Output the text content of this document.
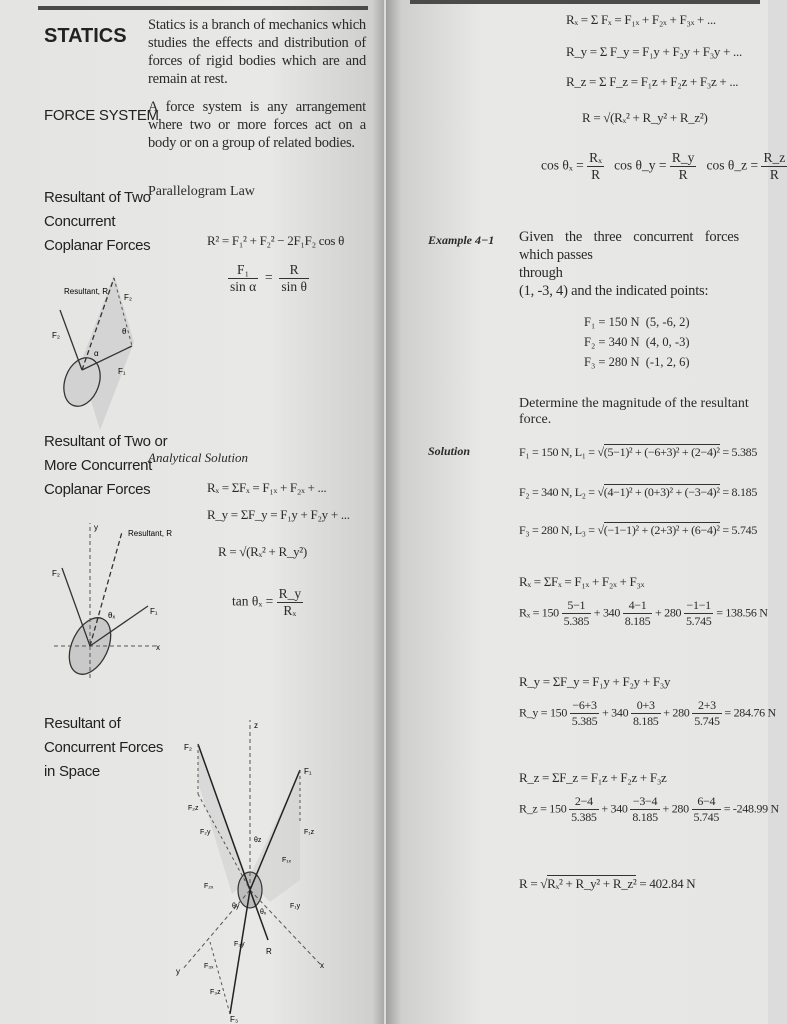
STATICS Statics is a branch of mechanics which studies the effects and distribution of forces of rigid bodies which are and remain at rest.
FORCE SYSTEM
A force system is any arrangement where two or more forces act on a body or on a group of related bodies.
Resultant of Two
Concurrent
Coplanar Forces
Parallelogram Law
R² = F₁² + F₂² − 2F₁F₂ cos θ
$\frac{\text{F₁}}{\text{sin α}} = \frac{R}{\text{sin θ}}$
Resultant, R
F₂
F₂
F₁
α
θ
Resultant of Two or
More Concurrent
Coplanar Forces
Analytical Solution
Rₓ = ΣFₓ = F₁ₓ + F₂ₓ + ...
R_y = ΣF_y = F₁y + F₂y + ...
R = √(Rₓ² + R_y²)
$\tan \theta_x = \frac{R\_y}{\text{Rₓ}}$
y
Resultant, R
F₂
F₁
θₓ
x
Resultant of
Concurrent Forces
in Space
z
F₂
F₁
F₃
R
y
x
F₂z
F₂y
F₂ₓ
F₁z
F₁ₓ
F₁y
F₃ₓ
F₃z
F₃y
θz
θy
θₓ
Rₓ = Σ Fₓ = F₁ₓ + F₂ₓ + F₃ₓ + ...
R_y = Σ F_y = F₁y + F₂y + F₃y + ...
R_z = Σ F_z = F₁z + F₂z + F₃z + ...
R = √(Rₓ² + R_y² + R_z²)
$\cos \theta_x = \frac{\text{Rₓ}}{R}$ cos θ_y = $\frac{R\_y}{R}$ cos θ_z = $\frac{R\_z}{R}$
Example 4−1 Given the three concurrent forces which passes
through
(1, -3, 4) and the indicated points:
F₁ = 150 N (5, -6, 2)
F₂ = 340 N (4, 0, -3)
F₃ = 280 N (-1, 2, 6)
Determine the magnitude of the resultant force.
Solution	F₁ = 150 N, L₁ = √(5−1)² + (−6+3)² + (2−4)² = 5.385
F₂ = 340 N, L₂ = √(4−1)² + (0+3)² + (−3−4)² = 8.185
F₃ = 280 N, L₃ = √(−1−1)² + (2+3)² + (6−4)² = 5.745
Rₓ = ΣFₓ = F₁ₓ + F₂ₓ + F₃ₓ
$R_x = 150 \frac{5-1}{5.385} + 340 \frac{4-1}{8.185} + 280 \frac{-1-1}{5.745} = 138.56$ N
R_y = ΣF_y = F₁y + F₂y + F₃y
R_y = $150 \frac{-6+3}{5.385} + 340 \frac{0+3}{8.185} + 280 \frac{2+3}{5.745} = 284.76$ N
R_z = ΣF_z = F₁z + F₂z + F₃z
R_z = $150 \frac{2-4}{5.385} + 340 \frac{-3-4}{8.185} + 280 \frac{6-4}{5.745} = -248.99$ N
R = √Rₓ² + R_y² + R_z² = 402.84 N
